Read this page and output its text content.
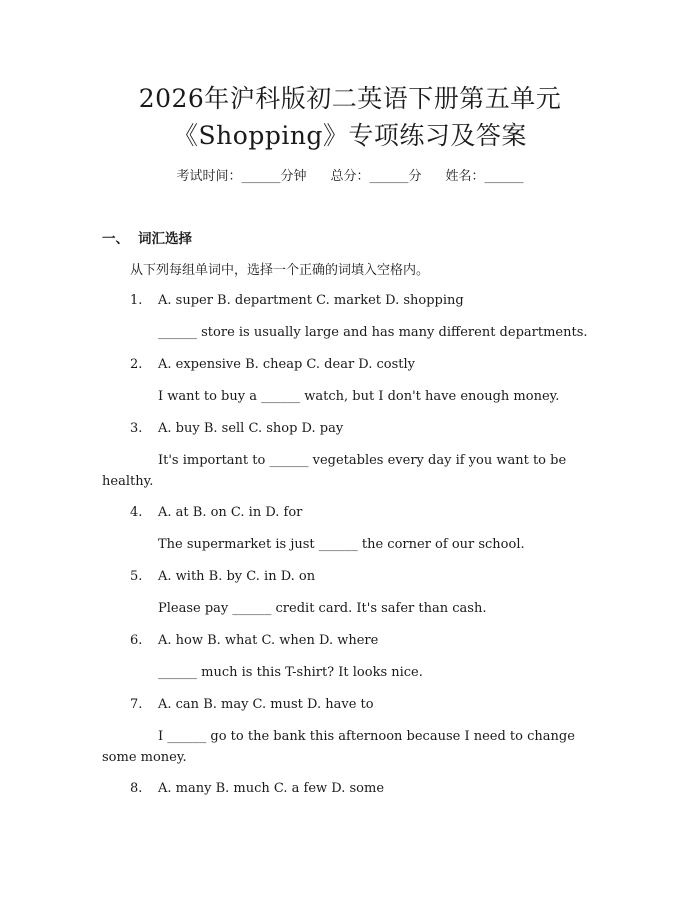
2026年沪科版初二英语下册第五单元
《Shopping》专项练习及答案
考试时间：______分钟 总分：______分 姓名：______
一、 词汇选择
从下列每组单词中，选择一个正确的词填入空格内。
1. A. super B. department C. market D. shopping
______ store is usually large and has many different departments.
2. A. expensive B. cheap C. dear D. costly
I want to buy a ______ watch, but I don't have enough money.
3. A. buy B. sell C. shop D. pay
It's important to ______ vegetables every day if you want to be healthy.
4. A. at B. on C. in D. for
The supermarket is just ______ the corner of our school.
5. A. with B. by C. in D. on
Please pay ______ credit card. It's safer than cash.
6. A. how B. what C. when D. where
______ much is this T-shirt? It looks nice.
7. A. can B. may C. must D. have to
I ______ go to the bank this afternoon because I need to change some money.
8. A. many B. much C. a few D. some
